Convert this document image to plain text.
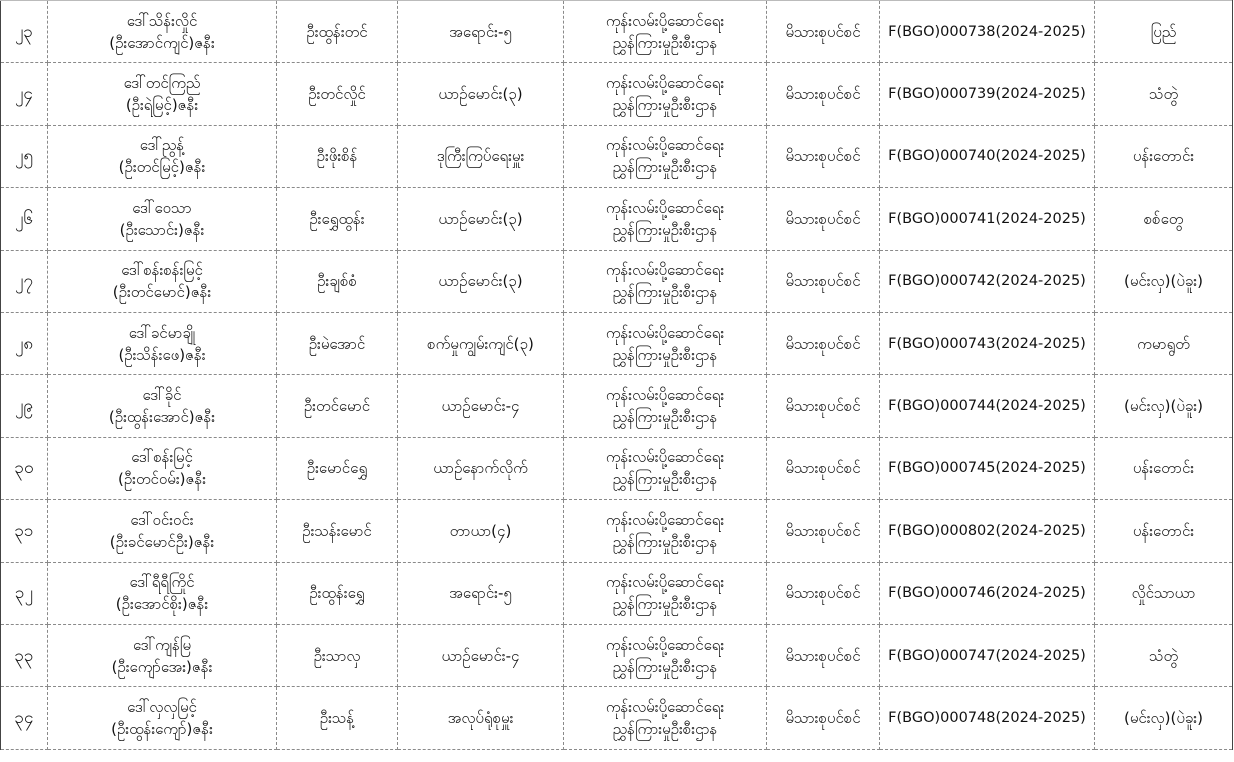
၂၃	ဒေါ်သိန်းလှိုင်
(ဦးအောင်ကျင်)ဇနီး	ဦးထွန်းတင်	အရောင်း-၅	ကုန်းလမ်းပို့ဆောင်ရေး
ညွှန်ကြားမှုဦးစီးဌာန	မိသားစုပင်စင်	F(BGO)000738(2024-2025)	ပြည်

၂၄	ဒေါ်တင်ကြည်
(ဦးရဲမြင့်)ဇနီး	ဦးတင်လှိုင်	ယာဉ်မောင်း(၃)	ကုန်းလမ်းပို့ဆောင်ရေး
ညွှန်ကြားမှုဦးစီးဌာန	မိသားစုပင်စင်	F(BGO)000739(2024-2025)	သံတွဲ

၂၅	ဒေါ်ညွန့်
(ဦးတင်မြင့်)ဇနီး	ဦးဖိုးစိန်	ဒုကြီးကြပ်ရေးမှူး	ကုန်းလမ်းပို့ဆောင်ရေး
ညွှန်ကြားမှုဦးစီးဌာန	မိသားစုပင်စင်	F(BGO)000740(2024-2025)	ပန်းတောင်း

၂၆	ဒေါ်ဝေသာ
(ဦးသောင်း)ဇနီး	ဦးရွှေထွန်း	ယာဉ်မောင်း(၃)	ကုန်းလမ်းပို့ဆောင်ရေး
ညွှန်ကြားမှုဦးစီးဌာန	မိသားစုပင်စင်	F(BGO)000741(2024-2025)	စစ်တွေ

၂၇	ဒေါ်စန်းစန်းမြင့်
(ဦးတင်မောင်)ဇနီး	ဦးချစ်စံ	ယာဉ်မောင်း(၃)	ကုန်းလမ်းပို့ဆောင်ရေး
ညွှန်ကြားမှုဦးစီးဌာန	မိသားစုပင်စင်	F(BGO)000742(2024-2025)	(မင်းလှ)(ပဲခူး)

၂၈	ဒေါ်ခင်မာချို
(ဦးသိန်းဖေ)ဇနီး	ဦးမဲအောင်	စက်မှုကျွမ်းကျင်(၃)	ကုန်းလမ်းပို့ဆောင်ရေး
ညွှန်ကြားမှုဦးစီးဌာန	မိသားစုပင်စင်	F(BGO)000743(2024-2025)	ကမာရွတ်

၂၉	ဒေါ်ခိုင်
(ဦးထွန်းအောင်)ဇနီး	ဦးတင်မောင်	ယာဉ်မောင်း-၄	ကုန်းလမ်းပို့ဆောင်ရေး
ညွှန်ကြားမှုဦးစီးဌာန	မိသားစုပင်စင်	F(BGO)000744(2024-2025)	(မင်းလှ)(ပဲခူး)

၃၀	ဒေါ်စန်းမြင့်
(ဦးတင်ဝမ်း)ဇနီး	ဦးမောင်ရွှေ	ယာဉ်နောက်လိုက်	ကုန်းလမ်းပို့ဆောင်ရေး
ညွှန်ကြားမှုဦးစီးဌာန	မိသားစုပင်စင်	F(BGO)000745(2024-2025)	ပန်းတောင်း

၃၁	ဒေါ်ဝင်းဝင်း
(ဦးခင်မောင်ဦး)ဇနီး	ဦးသန်းမောင်	တာယာ(၄)	ကုန်းလမ်းပို့ဆောင်ရေး
ညွှန်ကြားမှုဦးစီးဌာန	မိသားစုပင်စင်	F(BGO)000802(2024-2025)	ပန်းတောင်း

၃၂	ဒေါ်ရီရီကြိုင်
(ဦးအောင်စိုး)ဇနီး	ဦးထွန်းရွှေ	အရောင်း-၅	ကုန်းလမ်းပို့ဆောင်ရေး
ညွှန်ကြားမှုဦးစီးဌာန	မိသားစုပင်စင်	F(BGO)000746(2024-2025)	လှိုင်သာယာ

၃၃	ဒေါ်ကျန်မြ
(ဦးကျော်အေး)ဇနီး	ဦးသာလှ	ယာဉ်မောင်း-၄	ကုန်းလမ်းပို့ဆောင်ရေး
ညွှန်ကြားမှုဦးစီးဌာန	မိသားစုပင်စင်	F(BGO)000747(2024-2025)	သံတွဲ

၃၄	ဒေါ်လှလှမြင့်
(ဦးထွန်းကျော်)ဇနီး	ဦးသန့်	အလုပ်ရုံစုမှူး	ကုန်းလမ်းပို့ဆောင်ရေး
ညွှန်ကြားမှုဦးစီးဌာန	မိသားစုပင်စင်	F(BGO)000748(2024-2025)	(မင်းလှ)(ပဲခူး)
